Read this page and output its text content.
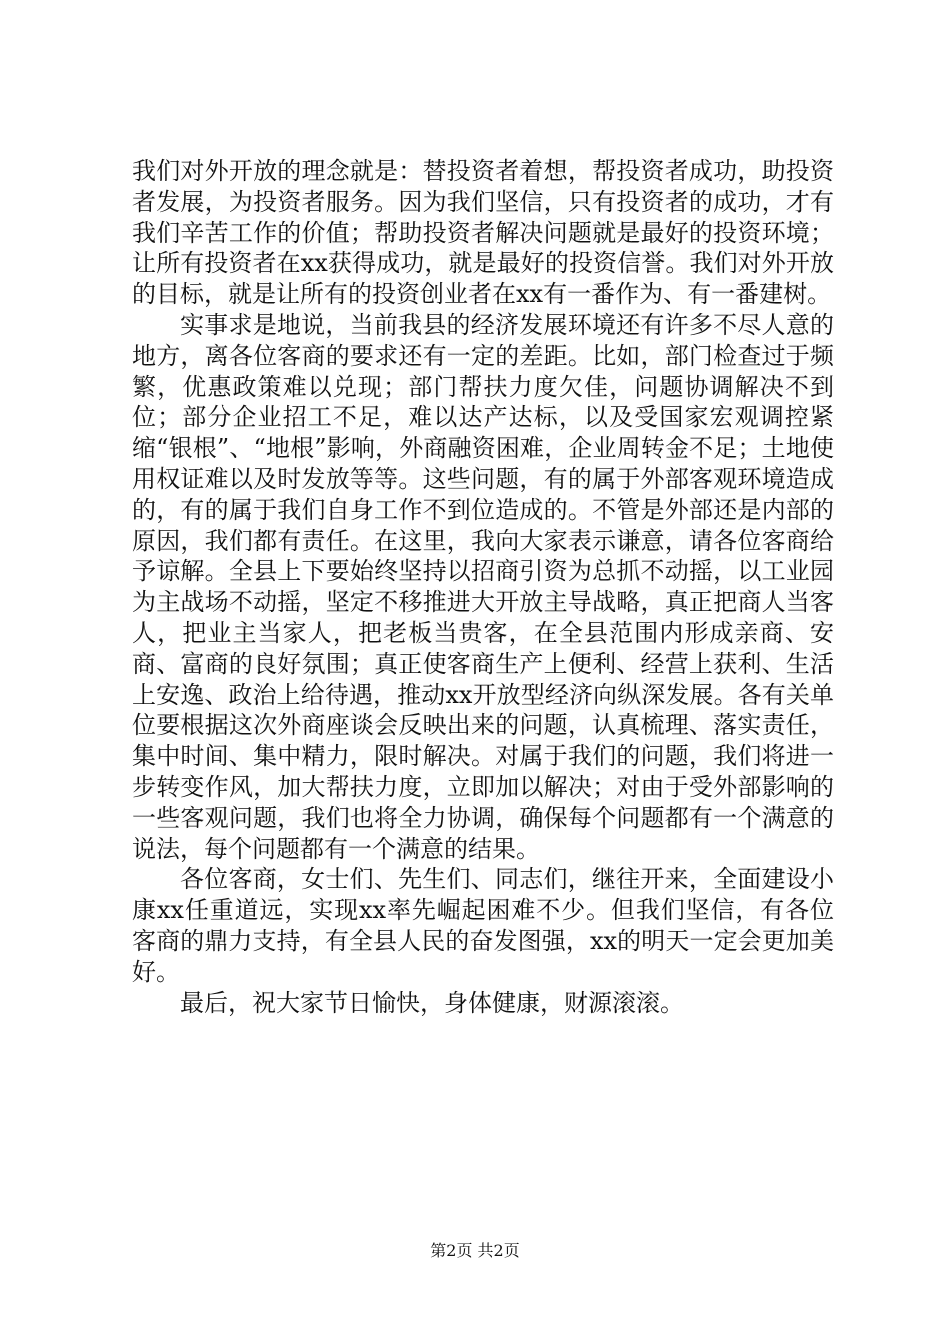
我们对外开放的理念就是：替投资者着想，帮投资者成功，助投资者发展，为投资者服务。因为我们坚信，只有投资者的成功，才有我们辛苦工作的价值；帮助投资者解决问题就是最好的投资环境；让所有投资者在xx获得成功，就是最好的投资信誉。我们对外开放的目标，就是让所有的投资创业者在xx有一番作为、有一番建树。

实事求是地说，当前我县的经济发展环境还有许多不尽人意的地方，离各位客商的要求还有一定的差距。比如，部门检查过于频繁，优惠政策难以兑现；部门帮扶力度欠佳，问题协调解决不到位；部分企业招工不足，难以达产达标，以及受国家宏观调控紧缩“银根”、“地根”影响，外商融资困难，企业周转金不足；土地使用权证难以及时发放等等。这些问题，有的属于外部客观环境造成的，有的属于我们自身工作不到位造成的。不管是外部还是内部的原因，我们都有责任。在这里，我向大家表示谦意，请各位客商给予谅解。全县上下要始终坚持以招商引资为总抓不动摇，以工业园为主战场不动摇，坚定不移推进大开放主导战略，真正把商人当客人，把业主当家人，把老板当贵客，在全县范围内形成亲商、安商、富商的良好氛围；真正使客商生产上便利、经营上获利、生活上安逸、政治上给待遇，推动xx开放型经济向纵深发展。各有关单位要根据这次外商座谈会反映出来的问题，认真梳理、落实责任，集中时间、集中精力，限时解决。对属于我们的问题，我们将进一步转变作风，加大帮扶力度，立即加以解决；对由于受外部影响的一些客观问题，我们也将全力协调，确保每个问题都有一个满意的说法，每个问题都有一个满意的结果。

各位客商，女士们、先生们、同志们，继往开来，全面建设小康xx任重道远，实现xx率先崛起困难不少。但我们坚信，有各位客商的鼎力支持，有全县人民的奋发图强，xx的明天一定会更加美好。

最后，祝大家节日愉快，身体健康，财源滚滚。

第2页 共2页
